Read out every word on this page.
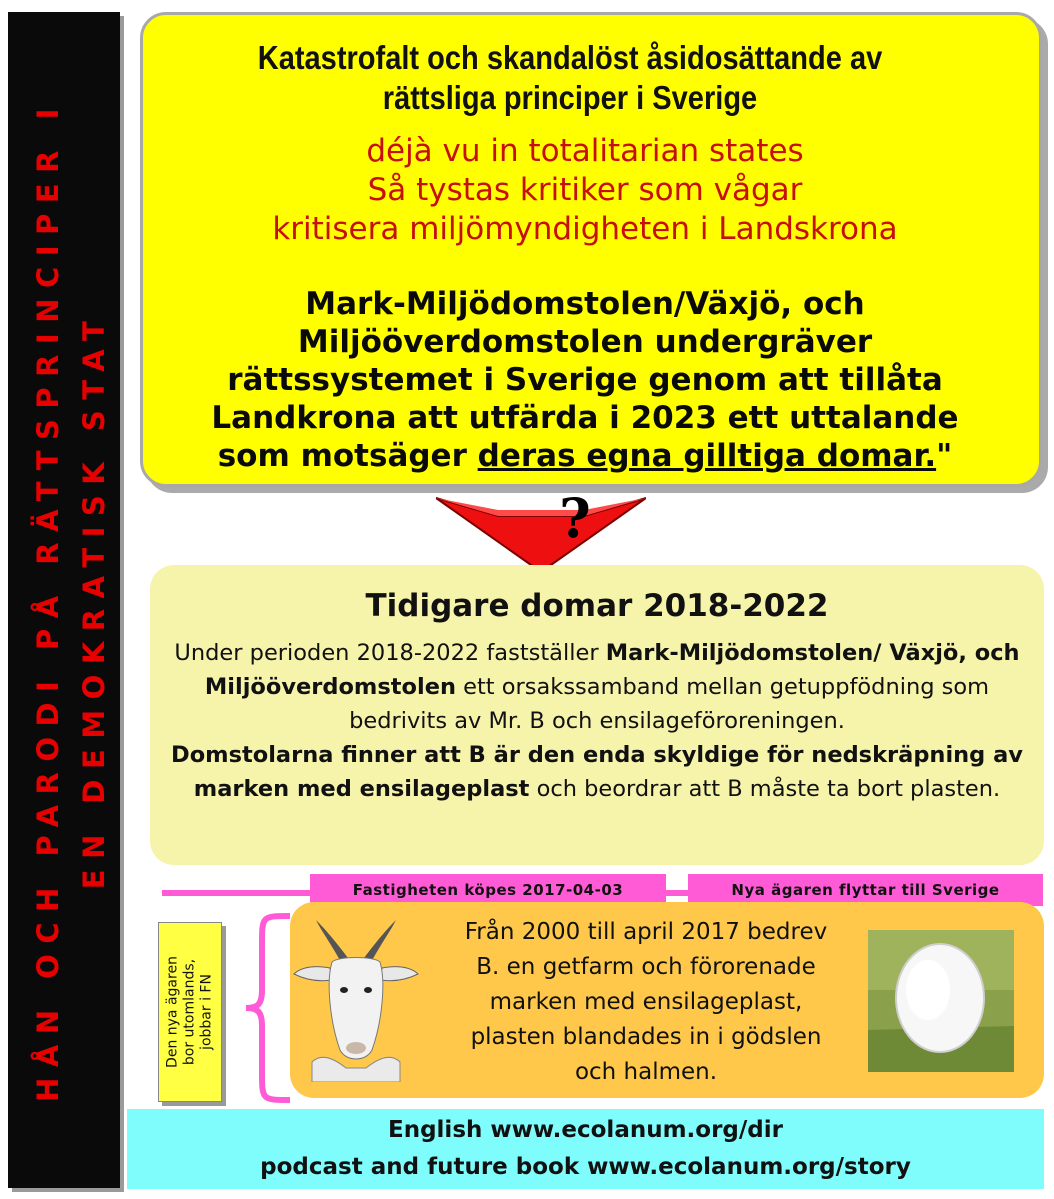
HÅN OCH PARODI PÅ RÄTTSPRINCIPER I EN DEMOKRATISK STAT
Katastrofalt och skandalöst åsidosättande av
rättsliga principer i Sverige
déjà vu in totalitarian states
Så tystas kritiker som vågar
kritisera miljömyndigheten i Landskrona
Mark-Miljödomstolen/Växjö, och
Miljööverdomstolen undergräver
rättssystemet i Sverige genom att tillåta
Landkrona att utfärda i 2023 ett uttalande
som motsäger deras egna gilltiga domar."
?
Tidigare domar 2018-2022
Under perioden 2018-2022 fastställer Mark-Miljödomstolen/ Växjö, och Miljööverdomstolen ett orsakssamband mellan getuppfödning som bedrivits av Mr. B och ensilageföroreningen.
Domstolarna finner att B är den enda skyldige för nedskräpning av marken med ensilageplast och beordrar att B måste ta bort plasten.
Fastigheten köpes 2017-04-03	Nya ägaren flyttar till Sverige
Den nya ägaren bor utomlands, jobbar i FN
Från 2000 till april 2017 bedrev
B. en getfarm och förorenade
marken med ensilageplast,
plasten blandades in i gödslen
och halmen.
English www.ecolanum.org/dir
podcast and future book www.ecolanum.org/story
